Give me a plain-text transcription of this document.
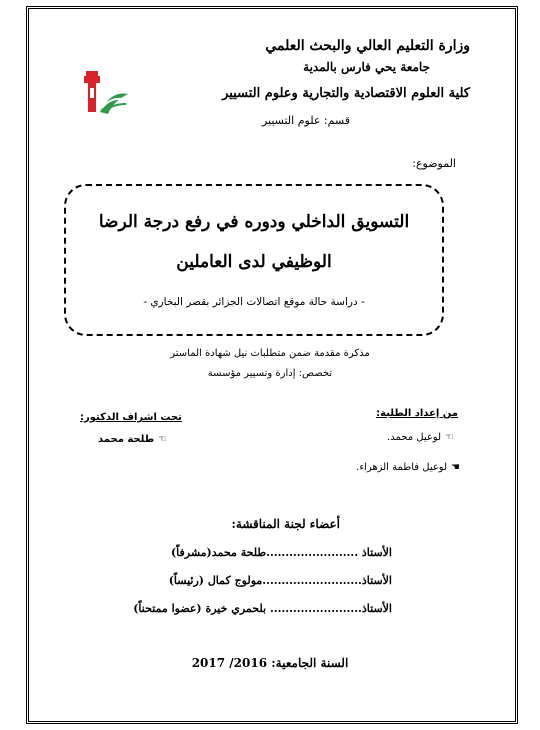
وزارة التعليم العالي والبحث العلمي
جامعة يحي فارس بالمدية
كلية العلوم الاقتصادية والتجارية وعلوم التسيير
قسم: علوم التسيير
الموضوع:
التسويق الداخلي ودوره في رفع درجة الرضا
الوظيفي لدى العاملين
- دراسة حالة موقع اتصالات الجزائر بقصر البخاري -
مذكرة مقدمة ضمن متطلبات نيل شهادة الماستر
تخصص: إدارة وتسيير مؤسسة
من إعداد الطلبة:
☜لوعيل محمد.
☚لوعيل فاطمة الزهراء.
تحت اشراف الدكتور:
☜طلحة محمد
أعضاء لجنة المناقشة:
الأستاذ ........................طلحة محمد(مشرفاً)
الأستاذ..........................مولوج كمال (رئيساً)
الأستاذ........................ بلحمري خيرة (عضوا ممتحناً)
السنة الجامعية: 2016/ 2017
